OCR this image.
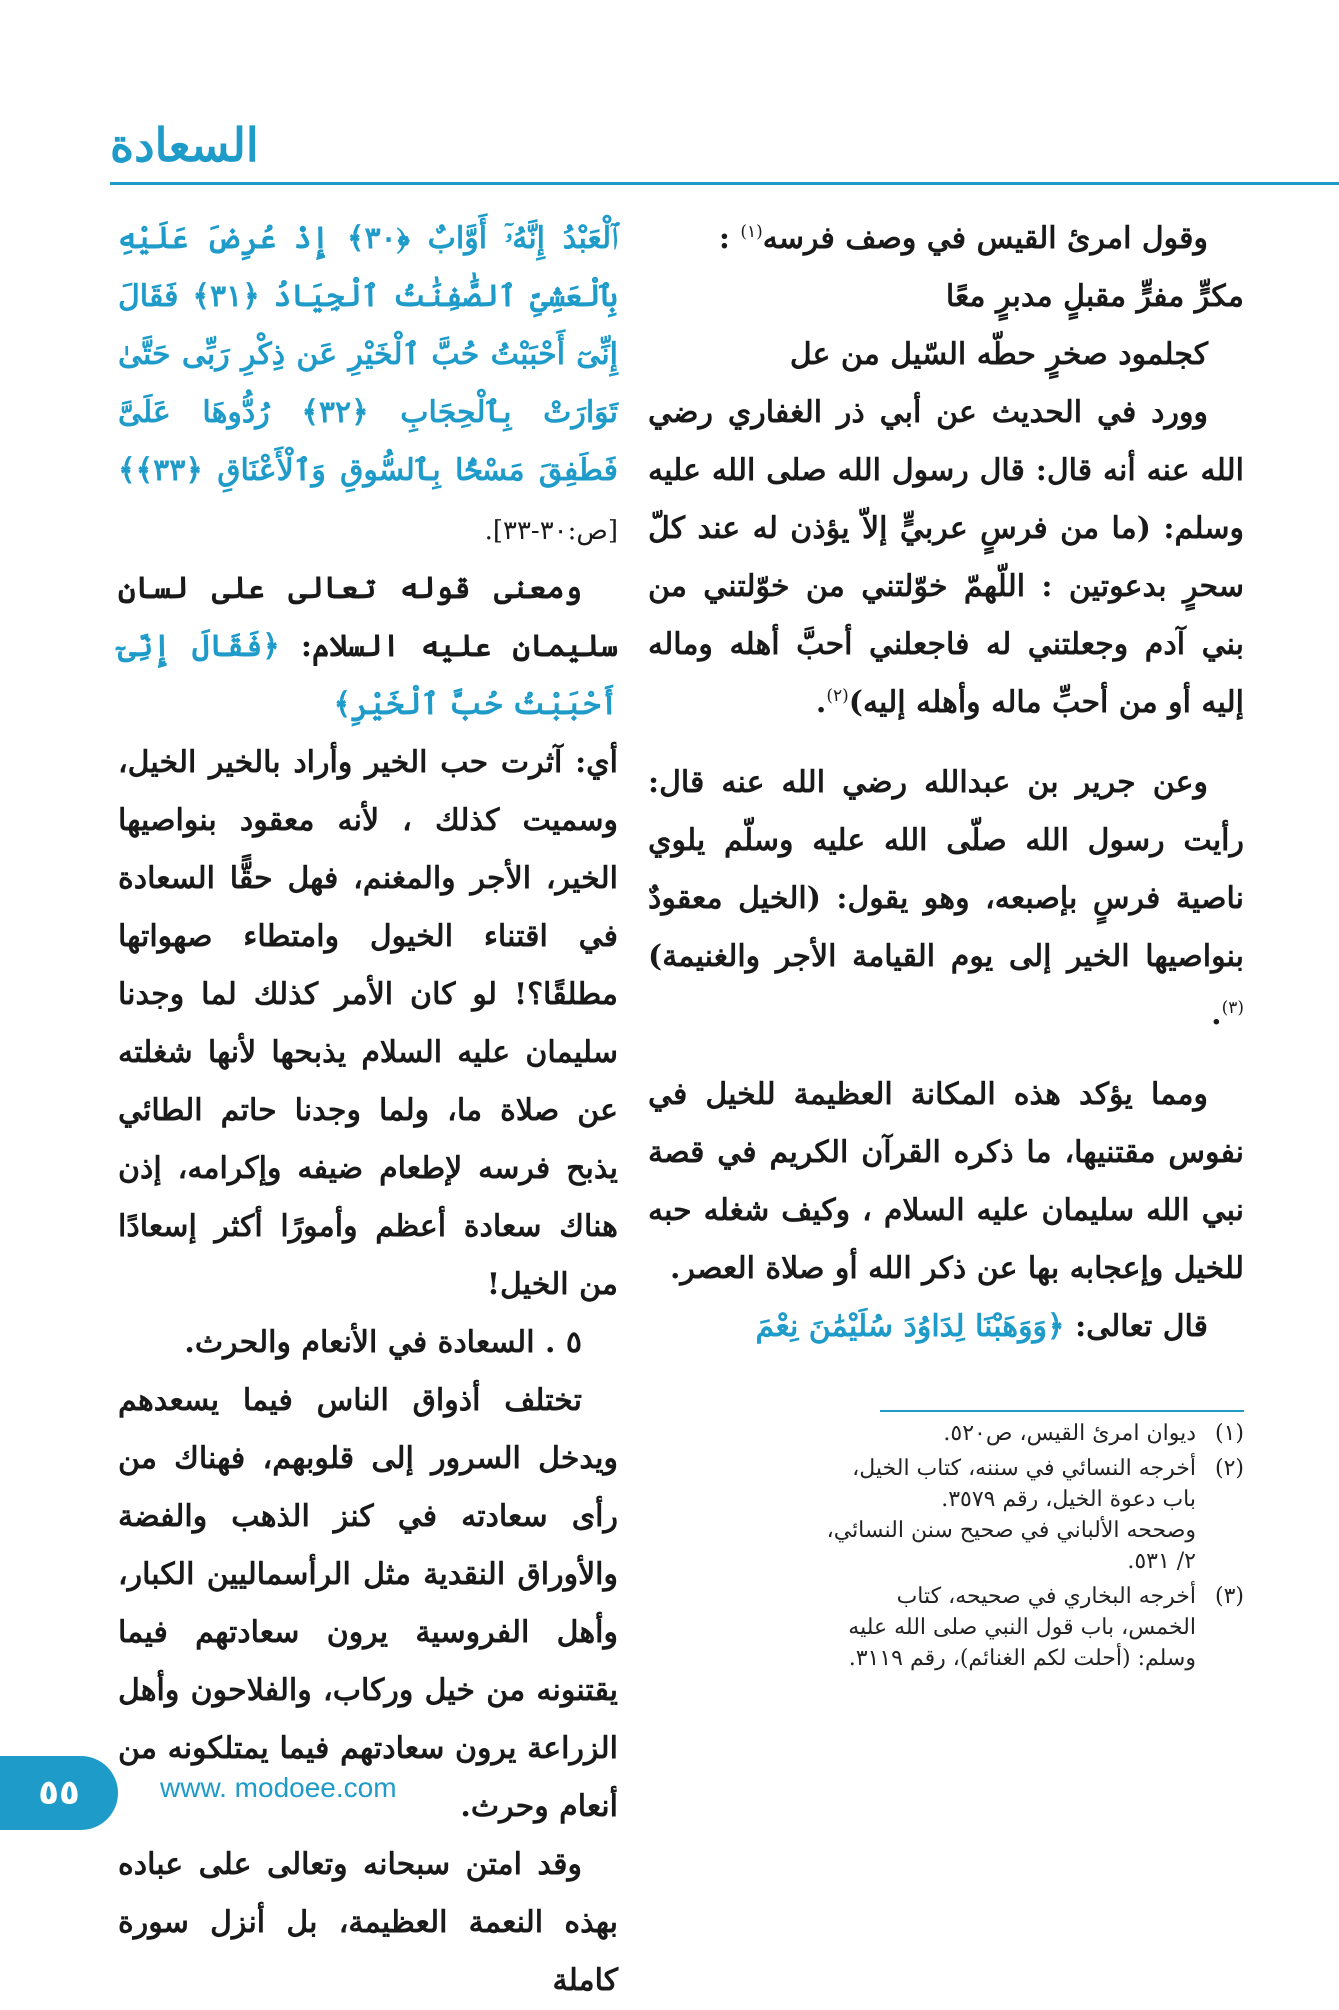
السعادة

وقول امرئ القيس في وصف فرسه$^{(١)}$ :

مكرٍّ مفرٍّ مقبلٍ مدبرٍ معًا

كجلمود صخرٍ حطّه السّيل من عل

وورد في الحديث عن أبي ذر الغفاري رضي الله عنه أنه قال: قال رسول الله صلى الله عليه وسلم: (ما من فرسٍ عربيٍّ إلاّ يؤذن له عند كلّ سحرٍ بدعوتين : اللّهمّ خوّلتني من خوّلتني من بني آدم وجعلتني له فاجعلني أحبَّ أهله وماله إليه أو من أحبِّ ماله وأهله إليه)$^{(٢)}$.

وعن جرير بن عبدالله رضي الله عنه قال: رأيت رسول الله صلّى الله عليه وسلّم يلوي ناصية فرسٍ بإصبعه، وهو يقول: (الخيل معقودٌ بنواصيها الخير إلى يوم القيامة الأجر والغنيمة)$^{(٣)}$.

ومما يؤكد هذه المكانة العظيمة للخيل في نفوس مقتنيها، ما ذكره القرآن الكريم في قصة نبي الله سليمان عليه السلام ، وكيف شغله حبه للخيل وإعجابه بها عن ذكر الله أو صلاة العصر.

قال تعالى: ﴿وَوَهَبْنَا لِدَاوُدَ سُلَيْمَٰنَ نِعْمَ

ٱلْعَبْدُ إِنَّهُۥٓ أَوَّابٌ ﴿٣٠﴾ إِذْ عُرِضَ عَلَيْهِ بِٱلْعَشِىِّ ٱلصَّٰفِنَٰتُ ٱلْجِيَادُ ﴿٣١﴾ فَقَالَ إِنِّىٓ أَحْبَبْتُ حُبَّ ٱلْخَيْرِ عَن ذِكْرِ رَبِّى حَتَّىٰ تَوَارَتْ بِٱلْحِجَابِ ﴿٣٢﴾ رُدُّوهَا عَلَىَّ فَطَفِقَ مَسْحًۢا بِٱلسُّوقِ وَٱلْأَعْنَاقِ ﴿٣٣﴾﴾ [ص:٣٠-٣٣].

ومعنى قوله تعالى على لسان سليمان عليه السلام: ﴿فَقَالَ إِنِّىٓ أَحْبَبْتُ حُبَّ ٱلْخَيْرِ﴾

أي: آثرت حب الخير وأراد بالخير الخيل، وسميت كذلك ، لأنه معقود بنواصيها الخير، الأجر والمغنم، فهل حقًّا السعادة في اقتناء الخيول وامتطاء صهواتها مطلقًا؟! لو كان الأمر كذلك لما وجدنا سليمان عليه السلام يذبحها لأنها شغلته عن صلاة ما، ولما وجدنا حاتم الطائي يذبح فرسه لإطعام ضيفه وإكرامه، إذن هناك سعادة أعظم وأمورًا أكثر إسعادًا من الخيل!

٥ . السعادة في الأنعام والحرث.

تختلف أذواق الناس فيما يسعدهم ويدخل السرور إلى قلوبهم، فهناك من رأى سعادته في كنز الذهب والفضة والأوراق النقدية مثل الرأسماليين الكبار، وأهل الفروسية يرون سعادتهم فيما يقتنونه من خيل وركاب، والفلاحون وأهل الزراعة يرون سعادتهم فيما يمتلكونه من أنعام وحرث.

وقد امتن سبحانه وتعالى على عباده بهذه النعمة العظيمة، بل أنزل سورة كاملة

(١)
ديوان امرئ القيس، ص٥٢٠.
(٢)
أخرجه النسائي في سننه، كتاب الخيل، باب دعوة الخيل، رقم ٣٥٧٩.
وصححه الألباني في صحيح سنن النسائي، ٢/ ٥٣١.
(٣)
أخرجه البخاري في صحيحه، كتاب الخمس، باب قول النبي صلى الله عليه وسلم: (أحلت لكم الغنائم)، رقم ٣١١٩.
٥٥	www. modoee.com
